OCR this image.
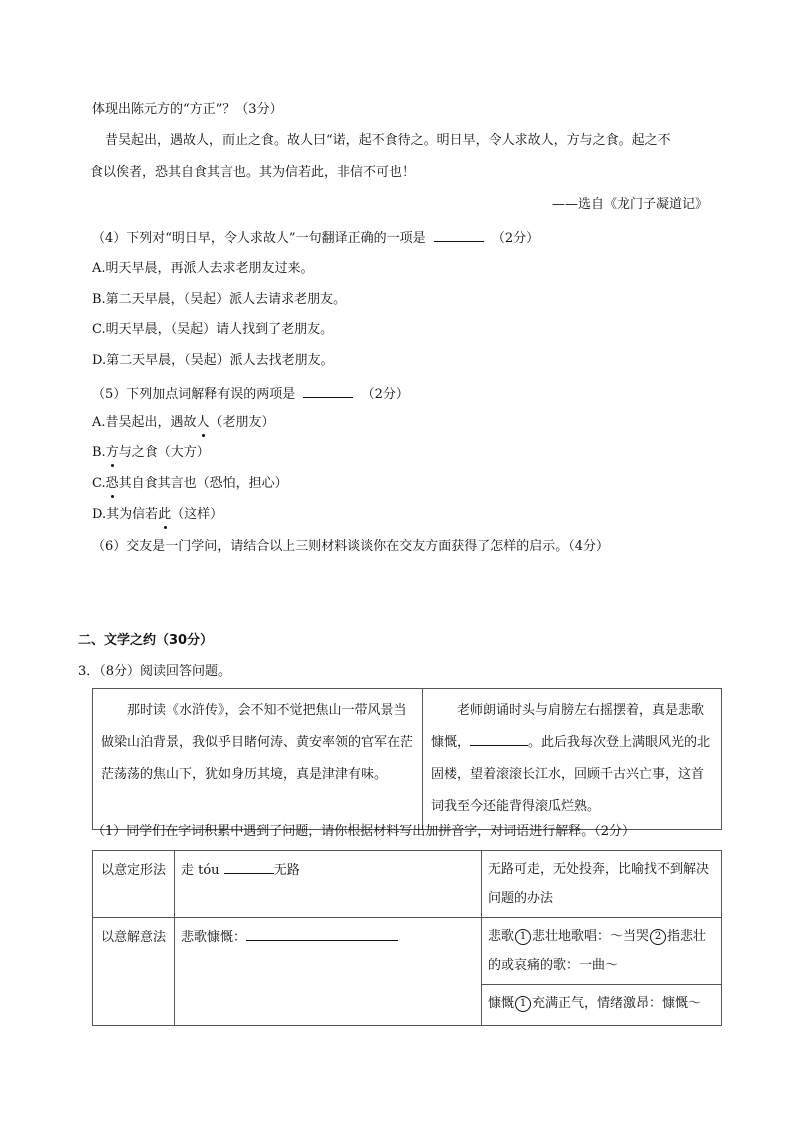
体现出陈元方的“方正”？（3分）
昔吴起出，遇故人，而止之食。故人曰“诺，起不食待之。明日早，令人求故人，方与之食。起之不
食以俟者，恐其自食其言也。其为信若此，非信不可也！
——选自《龙门子凝道记》
（4）下列对“明日早，令人求故人”一句翻译正确的一项是	（2分）
A.明天早晨，再派人去求老朋友过来。
B.第二天早晨，（吴起）派人去请求老朋友。
C.明天早晨，（吴起）请人找到了老朋友。
D.第二天早晨，（吴起）派人去找老朋友。
（5）下列加点词解释有误的两项是	（2分）
A.昔吴起出，遇故人（老朋友）
B.方与之食（大方）
C.恐其自食其言也（恐怕，担心）
D.其为信若此（这样）
（6）交友是一门学问，请结合以上三则材料谈谈你在交友方面获得了怎样的启示。（4分）
二、文学之约（30分）
3．（8分）阅读回答问题。
那时读《水浒传》，会不知不觉把焦山一带风景当做梁山泊背景，我似乎目睹何涛、黄安率领的官军在茫茫荡荡的焦山下，犹如身历其境，真是津津有味。	老师朗诵时头与肩膀左右摇摆着，真是悲歌慷慨，	。此后我每次登上满眼风光的北固楼，望着滚滚长江水，回顾千古兴亡事，这首词我至今还能背得滚瓜烂熟。
（1）同学们在字词积累中遇到了问题，请你根据材料写出加拼音字，对词语进行解释。（2分）
以意定形法	走 tóu 无路	无路可走，无处投奔，比喻找不到解决问题的办法
以意解意法	悲歌慷慨：	悲歌 1 悲壮地歌唱：～当哭 2 指悲壮的或哀痛的歌：一曲～
		慷慨 1 充满正气，情绪激昂：慷慨～
